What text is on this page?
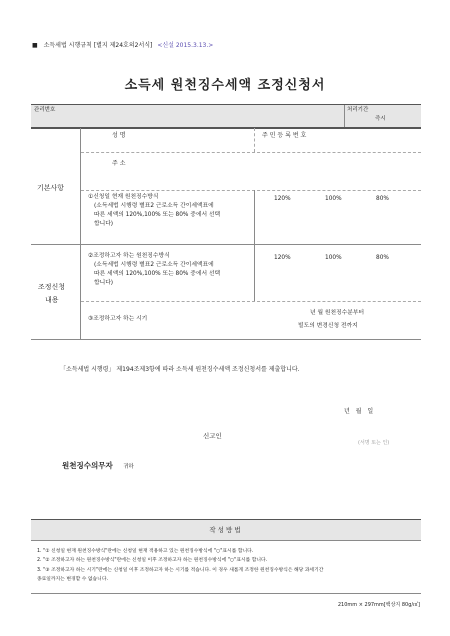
■ 소득세법 시행규칙 [별지 제24호의2서식] <신설 2015.3.13.>
소득세 원천징수세액 조정신청서
관리번호	처리기간
즉시
기본사항
성 명	주 민 등 록 번 호
주 소
①신청일 현재 원천징수방식
(소득세법 시행령 별표2 근로소득 간이세액표에
따른 세액의 120%,100% 또는 80% 중에서 선택
합니다)
120%	100%	80%
조정신청
내용
②조정하고자 하는 원천징수방식
(소득세법 시행령 별표2 근로소득 간이세액표에
따른 세액의 120%,100% 또는 80% 중에서 선택
합니다)
120%	100%	80%
③조정하고자 하는 시기
년 월 원천징수분부터
빌도의 변경신청 전까지
「소득세법 시행령」 제194조제3항에 따라 소득세 원천징수세액 조정신청서를 제출합니다.
년 월 일
신고인
(서명 또는 인)
원천징수의무자 귀하
작 성 방 법
1. "① 신청일 현재 원천징수방식"란에는 신청일 현재 적용하고 있는 원천징수방식에 "○"표시를 합니다.
2. "② 조정하고자 하는 원천징수방식"란에는 신청일 이후 조정하고자 하는 원천징수방식에 "○"표시를 합니다.
3. "③ 조정하고자 하는 시기"란에는 신청일 이후 조정하고자 하는 시기를 적습니다. 이 경우 새롭게 조정한 원천징수방식은 해당 과세기간
종료일까지는 변경할 수 없습니다.
210mm × 297mm[백상지 80g/㎡]
